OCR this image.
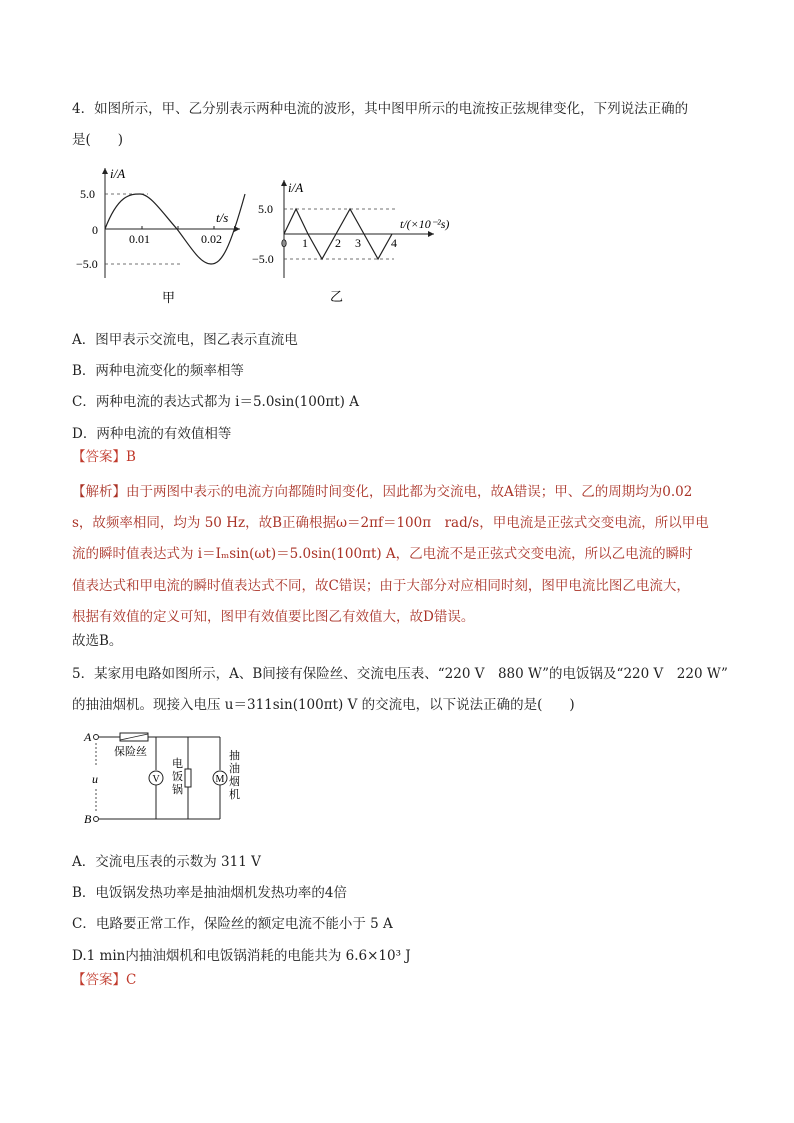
4．如图所示，甲、乙分别表示两种电流的波形，其中图甲所示的电流按正弦规律变化，下列说法正确的
是(　　)
i/A
t/s
5.0
0
−5.0
0.01	0.02
甲
i/A
t/(×10⁻²s)
5.0
−5.0
0 1 2 3	4
乙
A．图甲表示交流电，图乙表示直流电
B．两种电流变化的频率相等
C．两种电流的表达式都为 i＝5.0sin(100πt) A
D．两种电流的有效值相等
【答案】B
【解析】由于两图中表示的电流方向都随时间变化，因此都为交流电，故A错误；甲、乙的周期均为0.02
s，故频率相同，均为 50 Hz，故B正确根据ω＝2πf＝100π　rad/s，甲电流是正弦式交变电流，所以甲电
流的瞬时值表达式为 i＝Iₘsin(ωt)＝5.0sin(100πt) A，乙电流不是正弦式交变电流，所以乙电流的瞬时
值表达式和甲电流的瞬时值表达式不同，故C错误；由于大部分对应相同时刻，图甲电流比图乙电流大，
根据有效值的定义可知，图甲有效值要比图乙有效值大，故D错误。
故选B。
5．某家用电路如图所示，A、B间接有保险丝、交流电压表、“220 V　880 W”的电饭锅及“220 V　220 W”
的抽油烟机。现接入电压 u＝311sin(100πt) V 的交流电，以下说法正确的是(　　)
A
B
u
保险丝
V
电
饭
锅
M
抽
油
烟
机
A．交流电压表的示数为 311 V
B．电饭锅发热功率是抽油烟机发热功率的4倍
C．电路要正常工作，保险丝的额定电流不能小于 5 A
D.1 min内抽油烟机和电饭锅消耗的电能共为 6.6×10³ J
【答案】C
